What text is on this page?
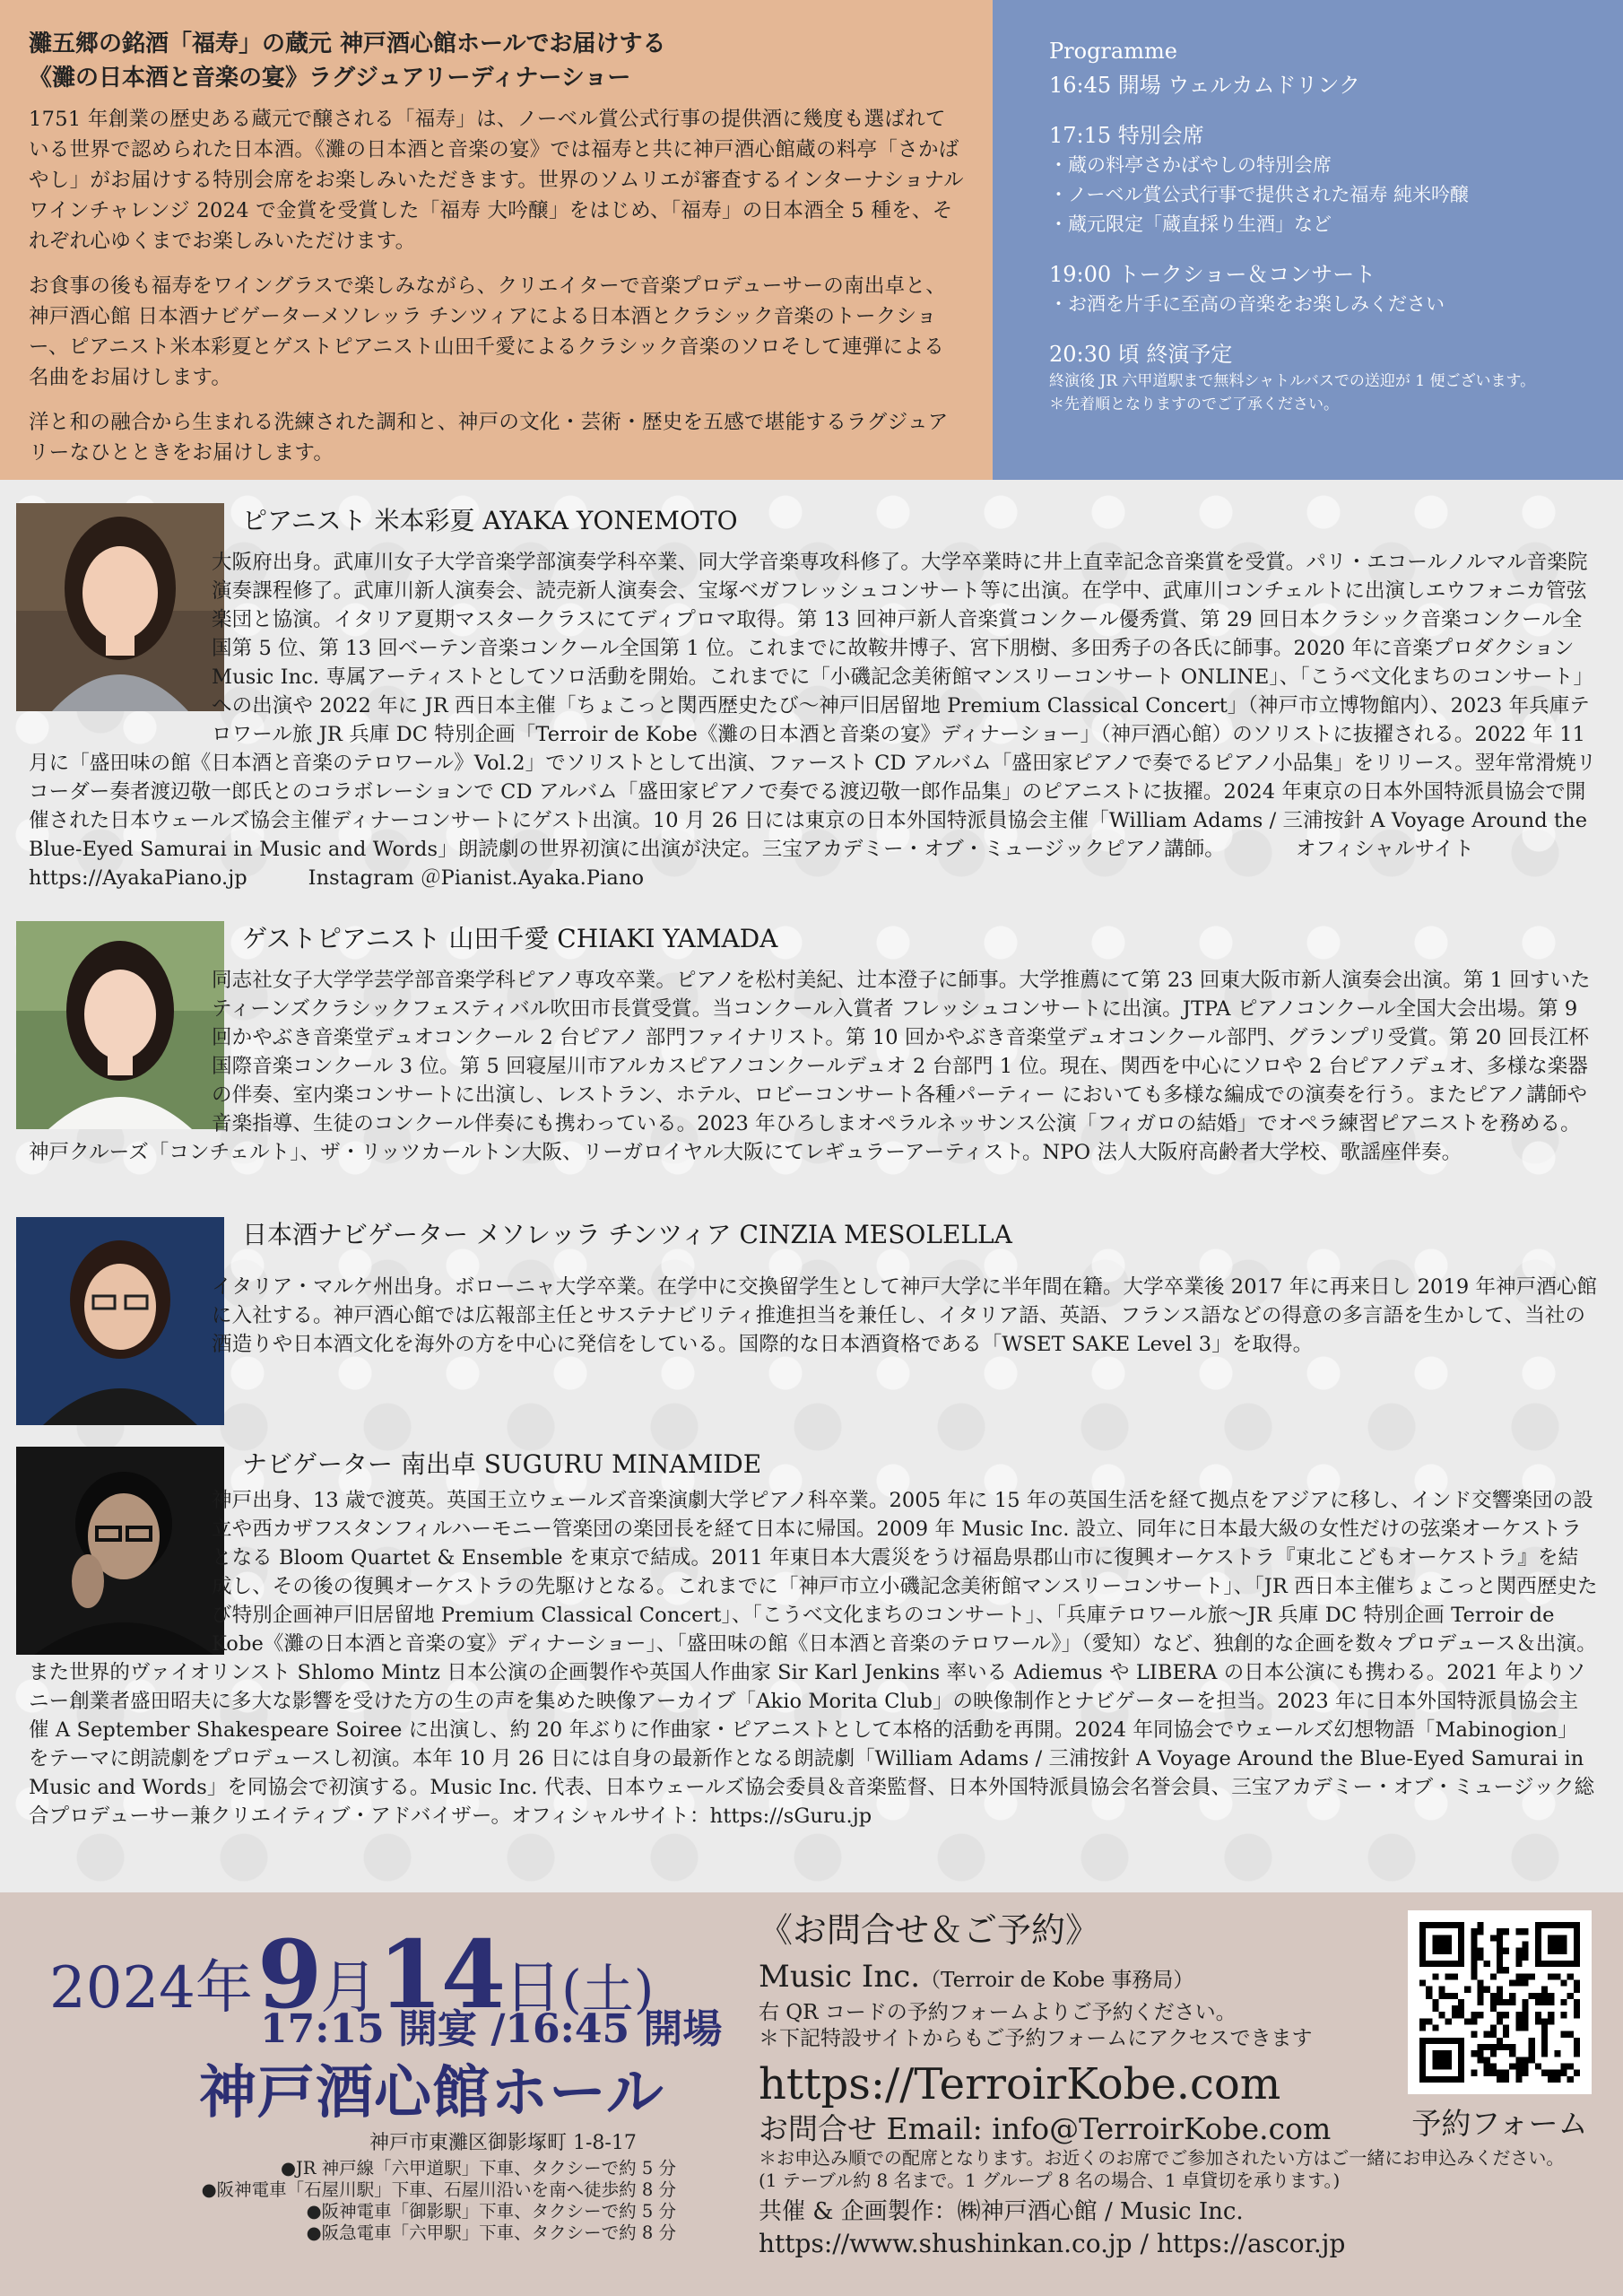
灘五郷の銘酒「福寿」の蔵元 神戸酒心館ホールでお届けする
《灘の日本酒と音楽の宴》ラグジュアリーディナーショー

1751 年創業の歴史ある蔵元で醸される「福寿」は、ノーベル賞公式行事の提供酒に幾度も選ばれている世界で認められた日本酒。《灘の日本酒と音楽の宴》では福寿と共に神戸酒心館蔵の料亭「さかばやし」がお届けする特別会席をお楽しみいただきます。世界のソムリエが審査するインターナショナルワインチャレンジ 2024 で金賞を受賞した「福寿 大吟醸」をはじめ、「福寿」の日本酒全 5 種を、それぞれ心ゆくまでお楽しみいただけます。

お食事の後も福寿をワイングラスで楽しみながら、クリエイターで音楽プロデューサーの南出卓と、神戸酒心館 日本酒ナビゲーターメソレッラ チンツィアによる日本酒とクラシック音楽のトークショー、ピアニスト米本彩夏とゲストピアニスト山田千愛によるクラシック音楽のソロそして連弾による名曲をお届けします。

洋と和の融合から生まれる洗練された調和と、神戸の文化・芸術・歴史を五感で堪能するラグジュアリーなひとときをお届けします。

Programme
16:45 開場 ウェルカムドリンク
17:15 特別会席
・蔵の料亭さかばやしの特別会席
・ノーベル賞公式行事で提供された福寿 純米吟醸
・蔵元限定「蔵直採り生酒」など
19:00 トークショー＆コンサート
・お酒を片手に至高の音楽をお楽しみください
20:30 頃 終演予定
終演後 JR 六甲道駅まで無料シャトルバスでの送迎が 1 便ございます。
＊先着順となりますのでご了承ください。
ピアニスト 米本彩夏 AYAKA YONEMOTO

大阪府出身。武庫川女子大学音楽学部演奏学科卒業、同大学音楽専攻科修了。大学卒業時に井上直幸記念音楽賞を受賞。パリ・エコールノルマル音楽院演奏課程修了。武庫川新人演奏会、読売新人演奏会、宝塚ベガフレッシュコンサート等に出演。在学中、武庫川コンチェルトに出演しエウフォニカ管弦楽団と協演。イタリア夏期マスタークラスにてディプロマ取得。第 13 回神戸新人音楽賞コンクール優秀賞、第 29 回日本クラシック音楽コンクール全国第 5 位、第 13 回ベーテン音楽コンクール全国第 1 位。これまでに故鞍井博子、宮下朋樹、多田秀子の各氏に師事。2020 年に音楽プロダクション Music Inc. 専属アーティストとしてソロ活動を開始。これまでに「小磯記念美術館マンスリーコンサート ONLINE」、「こうべ文化まちのコンサート」への出演や 2022 年に JR 西日本主催「ちょこっと関西歴史たび〜神戸旧居留地 Premium Classical Concert」（神戸市立博物館内）、2023 年兵庫テロワール旅 JR 兵庫 DC 特別企画「Terroir de Kobe《灘の日本酒と音楽の宴》ディナーショー」（神戸酒心館）のソリストに抜擢される。2022 年 11 月に「盛田味の館《日本酒と音楽のテロワール》Vol.2」でソリストとして出演、ファースト CD アルバム「盛田家ピアノで奏でるピアノ小品集」をリリース。翌年常滑焼リコーダー奏者渡辺敬一郎氏とのコラボレーションで CD アルバム「盛田家ピアノで奏でる渡辺敬一郎作品集」のピアニストに抜擢。2024 年東京の日本外国特派員協会で開催された日本ウェールズ協会主催ディナーコンサートにゲスト出演。10 月 26 日には東京の日本外国特派員協会主催「William Adams / 三浦按針 A Voyage Around the Blue-Eyed Samurai in Music and Words」朗読劇の世界初演に出演が決定。三宝アカデミー・オブ・ミュージックピアノ講師。　　　　オフィシャルサイト https://AyakaPiano.jp　　　Instagram ＠Pianist.Ayaka.Piano

ゲストピアニスト 山田千愛 CHIAKI YAMADA

同志社女子大学学芸学部音楽学科ピアノ専攻卒業。ピアノを松村美紀、辻本澄子に師事。大学推薦にて第 23 回東大阪市新人演奏会出演。第 1 回すいたティーンズクラシックフェスティバル吹田市長賞受賞。当コンクール入賞者 フレッシュコンサートに出演。JTPA ピアノコンクール全国大会出場。第 9 回かやぶき音楽堂デュオコンクール 2 台ピアノ 部門ファイナリスト。第 10 回かやぶき音楽堂デュオコンクール部門、グランプリ受賞。第 20 回長江杯国際音楽コンクール 3 位。第 5 回寝屋川市アルカスピアノコンクールデュオ 2 台部門 1 位。現在、関西を中心にソロや 2 台ピアノデュオ、多様な楽器の伴奏、室内楽コンサートに出演し、レストラン、ホテル、ロビーコンサート各種パーティー においても多様な編成での演奏を行う。またピアノ講師や音楽指導、生徒のコンクール伴奏にも携わっている。2023 年ひろしまオペラルネッサンス公演「フィガロの結婚」でオペラ練習ピアニストを務める。神戸クルーズ「コンチェルト」、ザ・リッツカールトン大阪、リーガロイヤル大阪にてレギュラーアーティスト。NPO 法人大阪府高齢者大学校、歌謡座伴奏。

日本酒ナビゲーター メソレッラ チンツィア CINZIA MESOLELLA

イタリア・マルケ州出身。ボローニャ大学卒業。在学中に交換留学生として神戸大学に半年間在籍。大学卒業後 2017 年に再来日し 2019 年神戸酒心館に入社する。神戸酒心館では広報部主任とサステナビリティ推進担当を兼任し、イタリア語、英語、フランス語などの得意の多言語を生かして、当社の酒造りや日本酒文化を海外の方を中心に発信をしている。国際的な日本酒資格である「WSET SAKE Level 3」を取得。

ナビゲーター 南出卓 SUGURU MINAMIDE

神戸出身、13 歳で渡英。英国王立ウェールズ音楽演劇大学ピアノ科卒業。2005 年に 15 年の英国生活を経て拠点をアジアに移し、インド交響楽団の設立や西カザフスタンフィルハーモニー管楽団の楽団長を経て日本に帰国。2009 年 Music Inc. 設立、同年に日本最大級の女性だけの弦楽オーケストラとなる Bloom Quartet & Ensemble を東京で結成。2011 年東日本大震災をうけ福島県郡山市に復興オーケストラ『東北こどもオーケストラ』を結成し、その後の復興オーケストラの先駆けとなる。これまでに「神戸市立小磯記念美術館マンスリーコンサート」、「JR 西日本主催ちょこっと関西歴史たび特別企画神戸旧居留地 Premium Classical Concert」、「こうべ文化まちのコンサート」、「兵庫テロワール旅〜JR 兵庫 DC 特別企画 Terroir de Kobe《灘の日本酒と音楽の宴》ディナーショー」、「盛田味の館《日本酒と音楽のテロワール》」（愛知）など、独創的な企画を数々プロデュース＆出演。また世界的ヴァイオリンスト Shlomo Mintz 日本公演の企画製作や英国人作曲家 Sir Karl Jenkins 率いる Adiemus や LIBERA の日本公演にも携わる。2021 年よりソニー創業者盛田昭夫に多大な影響を受けた方の生の声を集めた映像アーカイブ「Akio Morita Club」の映像制作とナビゲーターを担当。2023 年に日本外国特派員協会主催 A September Shakespeare Soiree に出演し、約 20 年ぶりに作曲家・ピアニストとして本格的活動を再開。2024 年同協会でウェールズ幻想物語「Mabinogion」をテーマに朗読劇をプロデュースし初演。本年 10 月 26 日には自身の最新作となる朗読劇「William Adams / 三浦按針 A Voyage Around the Blue-Eyed Samurai in Music and Words」を同協会で初演する。Music Inc. 代表、日本ウェールズ協会委員＆音楽監督、日本外国特派員協会名誉会員、三宝アカデミー・オブ・ミュージック総合プロデューサー兼クリエイティブ・アドバイザー。オフィシャルサイト：https://sGuru.jp

2024年 9月14日(土)
17:15 開宴 /16:45 開場
神戸酒心館ホール
神戸市東灘区御影塚町 1-8-17
●JR 神戸線「六甲道駅」下車、タクシーで約 5 分
●阪神電車「石屋川駅」下車、石屋川沿いを南へ徒歩約 8 分
●阪神電車「御影駅」下車、タクシーで約 5 分
●阪急電車「六甲駅」下車、タクシーで約 8 分
《お問合せ＆ご予約》
Music Inc.（Terroir de Kobe 事務局）
右 QR コードの予約フォームよりご予約ください。
＊下記特設サイトからもご予約フォームにアクセスできます
https://TerroirKobe.com
お問合せ Email: info@TerroirKobe.com
＊お申込み順での配席となります。お近くのお席でご参加されたい方はご一緒にお申込みください。
(1 テーブル約 8 名まで。1 グループ 8 名の場合、1 卓貸切を承ります。)
共催 & 企画製作：㈱神戸酒心館 / Music Inc.
https://www.shushinkan.co.jp / https://ascor.jp
予約フォーム
